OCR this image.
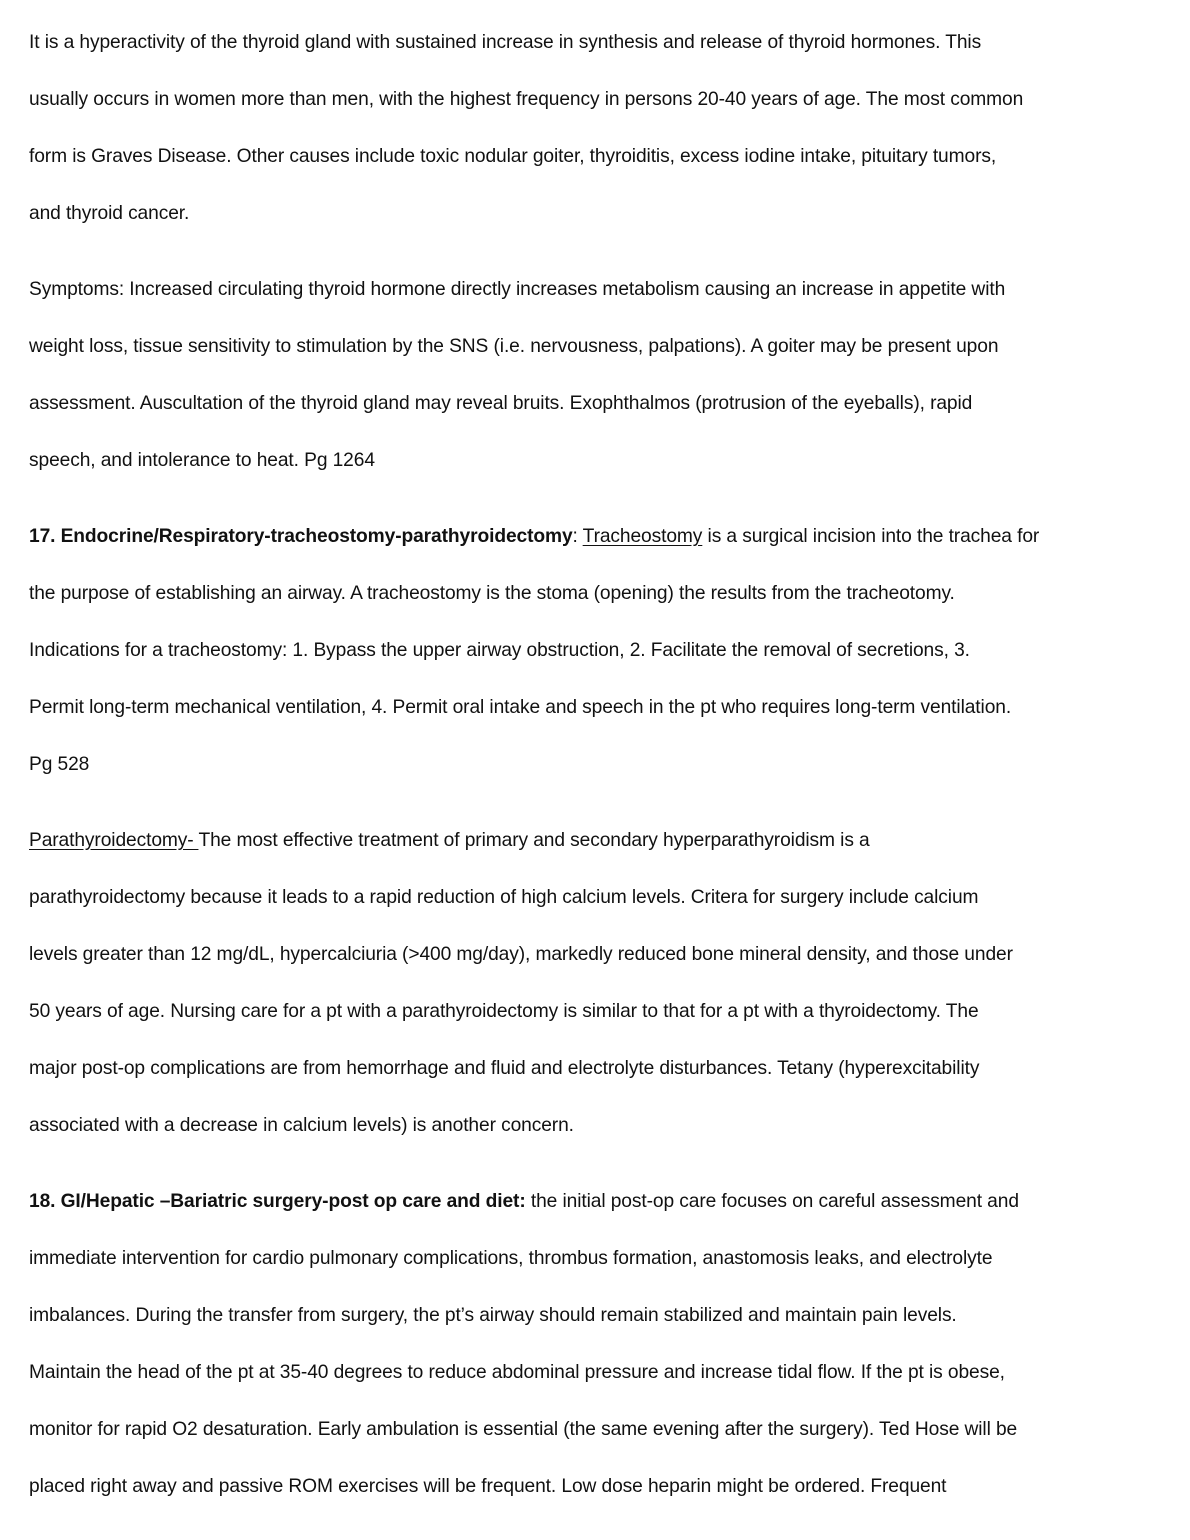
It is a hyperactivity of the thyroid gland with sustained increase in synthesis and release of thyroid hormones. This
usually occurs in women more than men, with the highest frequency in persons 20-40 years of age. The most common
form is Graves Disease. Other causes include toxic nodular goiter, thyroiditis, excess iodine intake, pituitary tumors,
and thyroid cancer.
Symptoms: Increased circulating thyroid hormone directly increases metabolism causing an increase in appetite with
weight loss, tissue sensitivity to stimulation by the SNS (i.e. nervousness, palpations). A goiter may be present upon
assessment. Auscultation of the thyroid gland may reveal bruits. Exophthalmos (protrusion of the eyeballs), rapid
speech, and intolerance to heat. Pg 1264
17. Endocrine/Respiratory-tracheostomy-parathyroidectomy: Tracheostomy is a surgical incision into the trachea for
the purpose of establishing an airway. A tracheostomy is the stoma (opening) the results from the tracheotomy.
Indications for a tracheostomy: 1. Bypass the upper airway obstruction, 2. Facilitate the removal of secretions, 3.
Permit long-term mechanical ventilation, 4. Permit oral intake and speech in the pt who requires long-term ventilation.
Pg 528
Parathyroidectomy- The most effective treatment of primary and secondary hyperparathyroidism is a
parathyroidectomy because it leads to a rapid reduction of high calcium levels. Critera for surgery include calcium
levels greater than 12 mg/dL, hypercalciuria (>400 mg/day), markedly reduced bone mineral density, and those under
50 years of age. Nursing care for a pt with a parathyroidectomy is similar to that for a pt with a thyroidectomy. The
major post-op complications are from hemorrhage and fluid and electrolyte disturbances. Tetany (hyperexcitability
associated with a decrease in calcium levels) is another concern.
18. GI/Hepatic –Bariatric surgery-post op care and diet: the initial post-op care focuses on careful assessment and
immediate intervention for cardio pulmonary complications, thrombus formation, anastomosis leaks, and electrolyte
imbalances. During the transfer from surgery, the pt’s airway should remain stabilized and maintain pain levels.
Maintain the head of the pt at 35-40 degrees to reduce abdominal pressure and increase tidal flow. If the pt is obese,
monitor for rapid O2 desaturation. Early ambulation is essential (the same evening after the surgery). Ted Hose will be
placed right away and passive ROM exercises will be frequent. Low dose heparin might be ordered. Frequent
